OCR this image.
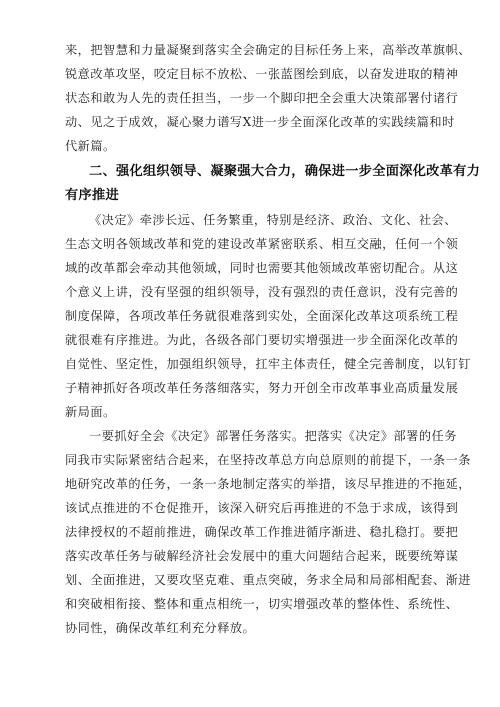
来，把智慧和力量凝聚到落实全会确定的目标任务上来，高举改革旗帜、
锐意改革攻坚，咬定目标不放松、一张蓝图绘到底，以奋发进取的精神
状态和敢为人先的责任担当，一步一个脚印把全会重大决策部署付诸行
动、见之于成效，凝心聚力谱写X进一步全面深化改革的实践续篇和时
代新篇。

二、强化组织领导、凝聚强大合力，确保进一步全面深化改革有力
有序推进

《决定》牵涉长远、任务繁重，特别是经济、政治、文化、社会、
生态文明各领域改革和党的建设改革紧密联系、相互交融，任何一个领
域的改革都会牵动其他领域，同时也需要其他领域改革密切配合。从这
个意义上讲，没有坚强的组织领导，没有强烈的责任意识，没有完善的
制度保障，各项改革任务就很难落到实处，全面深化改革这项系统工程
就很难有序推进。为此，各级各部门要切实增强进一步全面深化改革的
自觉性、坚定性，加强组织领导，扛牢主体责任，健全完善制度，以钉钉
子精神抓好各项改革任务落细落实，努力开创全市改革事业高质量发展
新局面。

一要抓好全会《决定》部署任务落实。把落实《决定》部署的任务
同我市实际紧密结合起来，在坚持改革总方向总原则的前提下，一条一条
地研究改革的任务，一条一条地制定落实的举措，该尽早推进的不拖延，
该试点推进的不仓促推开，该深入研究后再推进的不急于求成，该得到
法律授权的不超前推进，确保改革工作推进循序渐进、稳扎稳打。要把
落实改革任务与破解经济社会发展中的重大问题结合起来，既要统筹谋
划、全面推进，又要攻坚克难、重点突破，务求全局和局部相配套、渐进
和突破相衔接、整体和重点相统一，切实增强改革的整体性、系统性、
协同性，确保改革红利充分释放。
